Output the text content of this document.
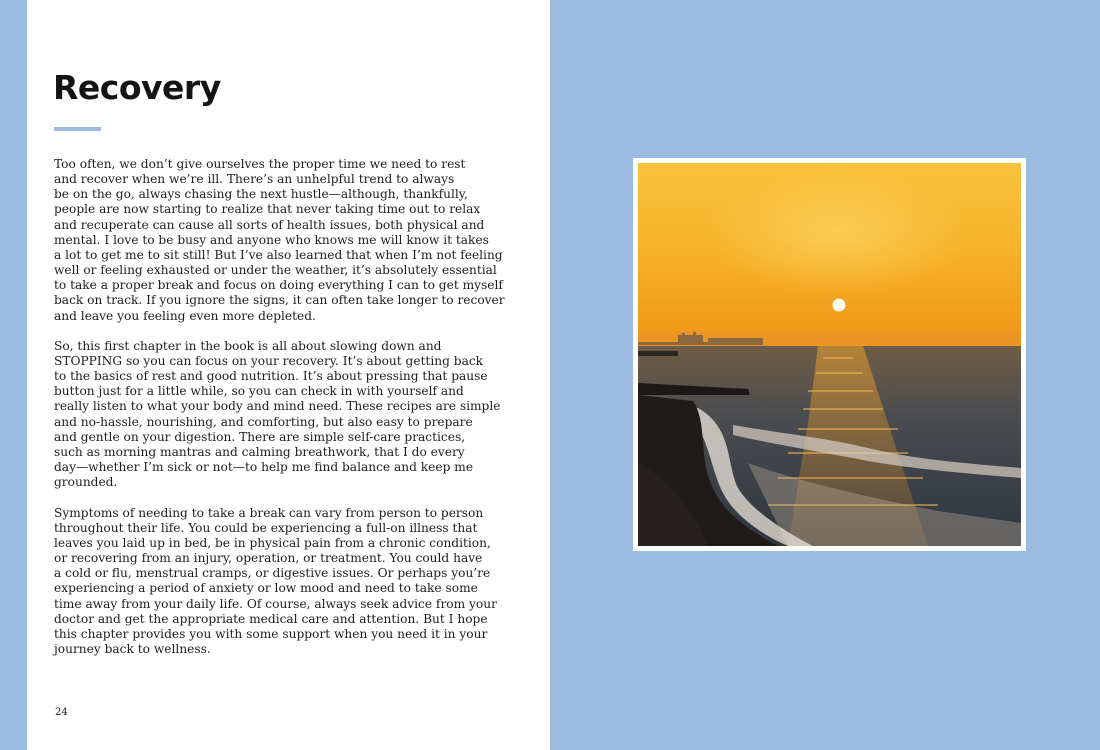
Recovery

Too often, we don’t give ourselves the proper time we need to rest
and recover when we’re ill. There’s an unhelpful trend to always
be on the go, always chasing the next hustle—although, thankfully,
people are now starting to realize that never taking time out to relax
and recuperate can cause all sorts of health issues, both physical and
mental. I love to be busy and anyone who knows me will know it takes
a lot to get me to sit still! But I’ve also learned that when I’m not feeling
well or feeling exhausted or under the weather, it’s absolutely essential
to take a proper break and focus on doing everything I can to get myself
back on track. If you ignore the signs, it can often take longer to recover
and leave you feeling even more depleted.

So, this first chapter in the book is all about slowing down and
STOPPING so you can focus on your recovery. It’s about getting back
to the basics of rest and good nutrition. It’s about pressing that pause
button just for a little while, so you can check in with yourself and
really listen to what your body and mind need. These recipes are simple
and no-hassle, nourishing, and comforting, but also easy to prepare
and gentle on your digestion. There are simple self-care practices,
such as morning mantras and calming breathwork, that I do every
day—whether I’m sick or not—to help me find balance and keep me
grounded.

Symptoms of needing to take a break can vary from person to person
throughout their life. You could be experiencing a full-on illness that
leaves you laid up in bed, be in physical pain from a chronic condition,
or recovering from an injury, operation, or treatment. You could have
a cold or flu, menstrual cramps, or digestive issues. Or perhaps you’re
experiencing a period of anxiety or low mood and need to take some
time away from your daily life. Of course, always seek advice from your
doctor and get the appropriate medical care and attention. But I hope
this chapter provides you with some support when you need it in your
journey back to wellness.

24
